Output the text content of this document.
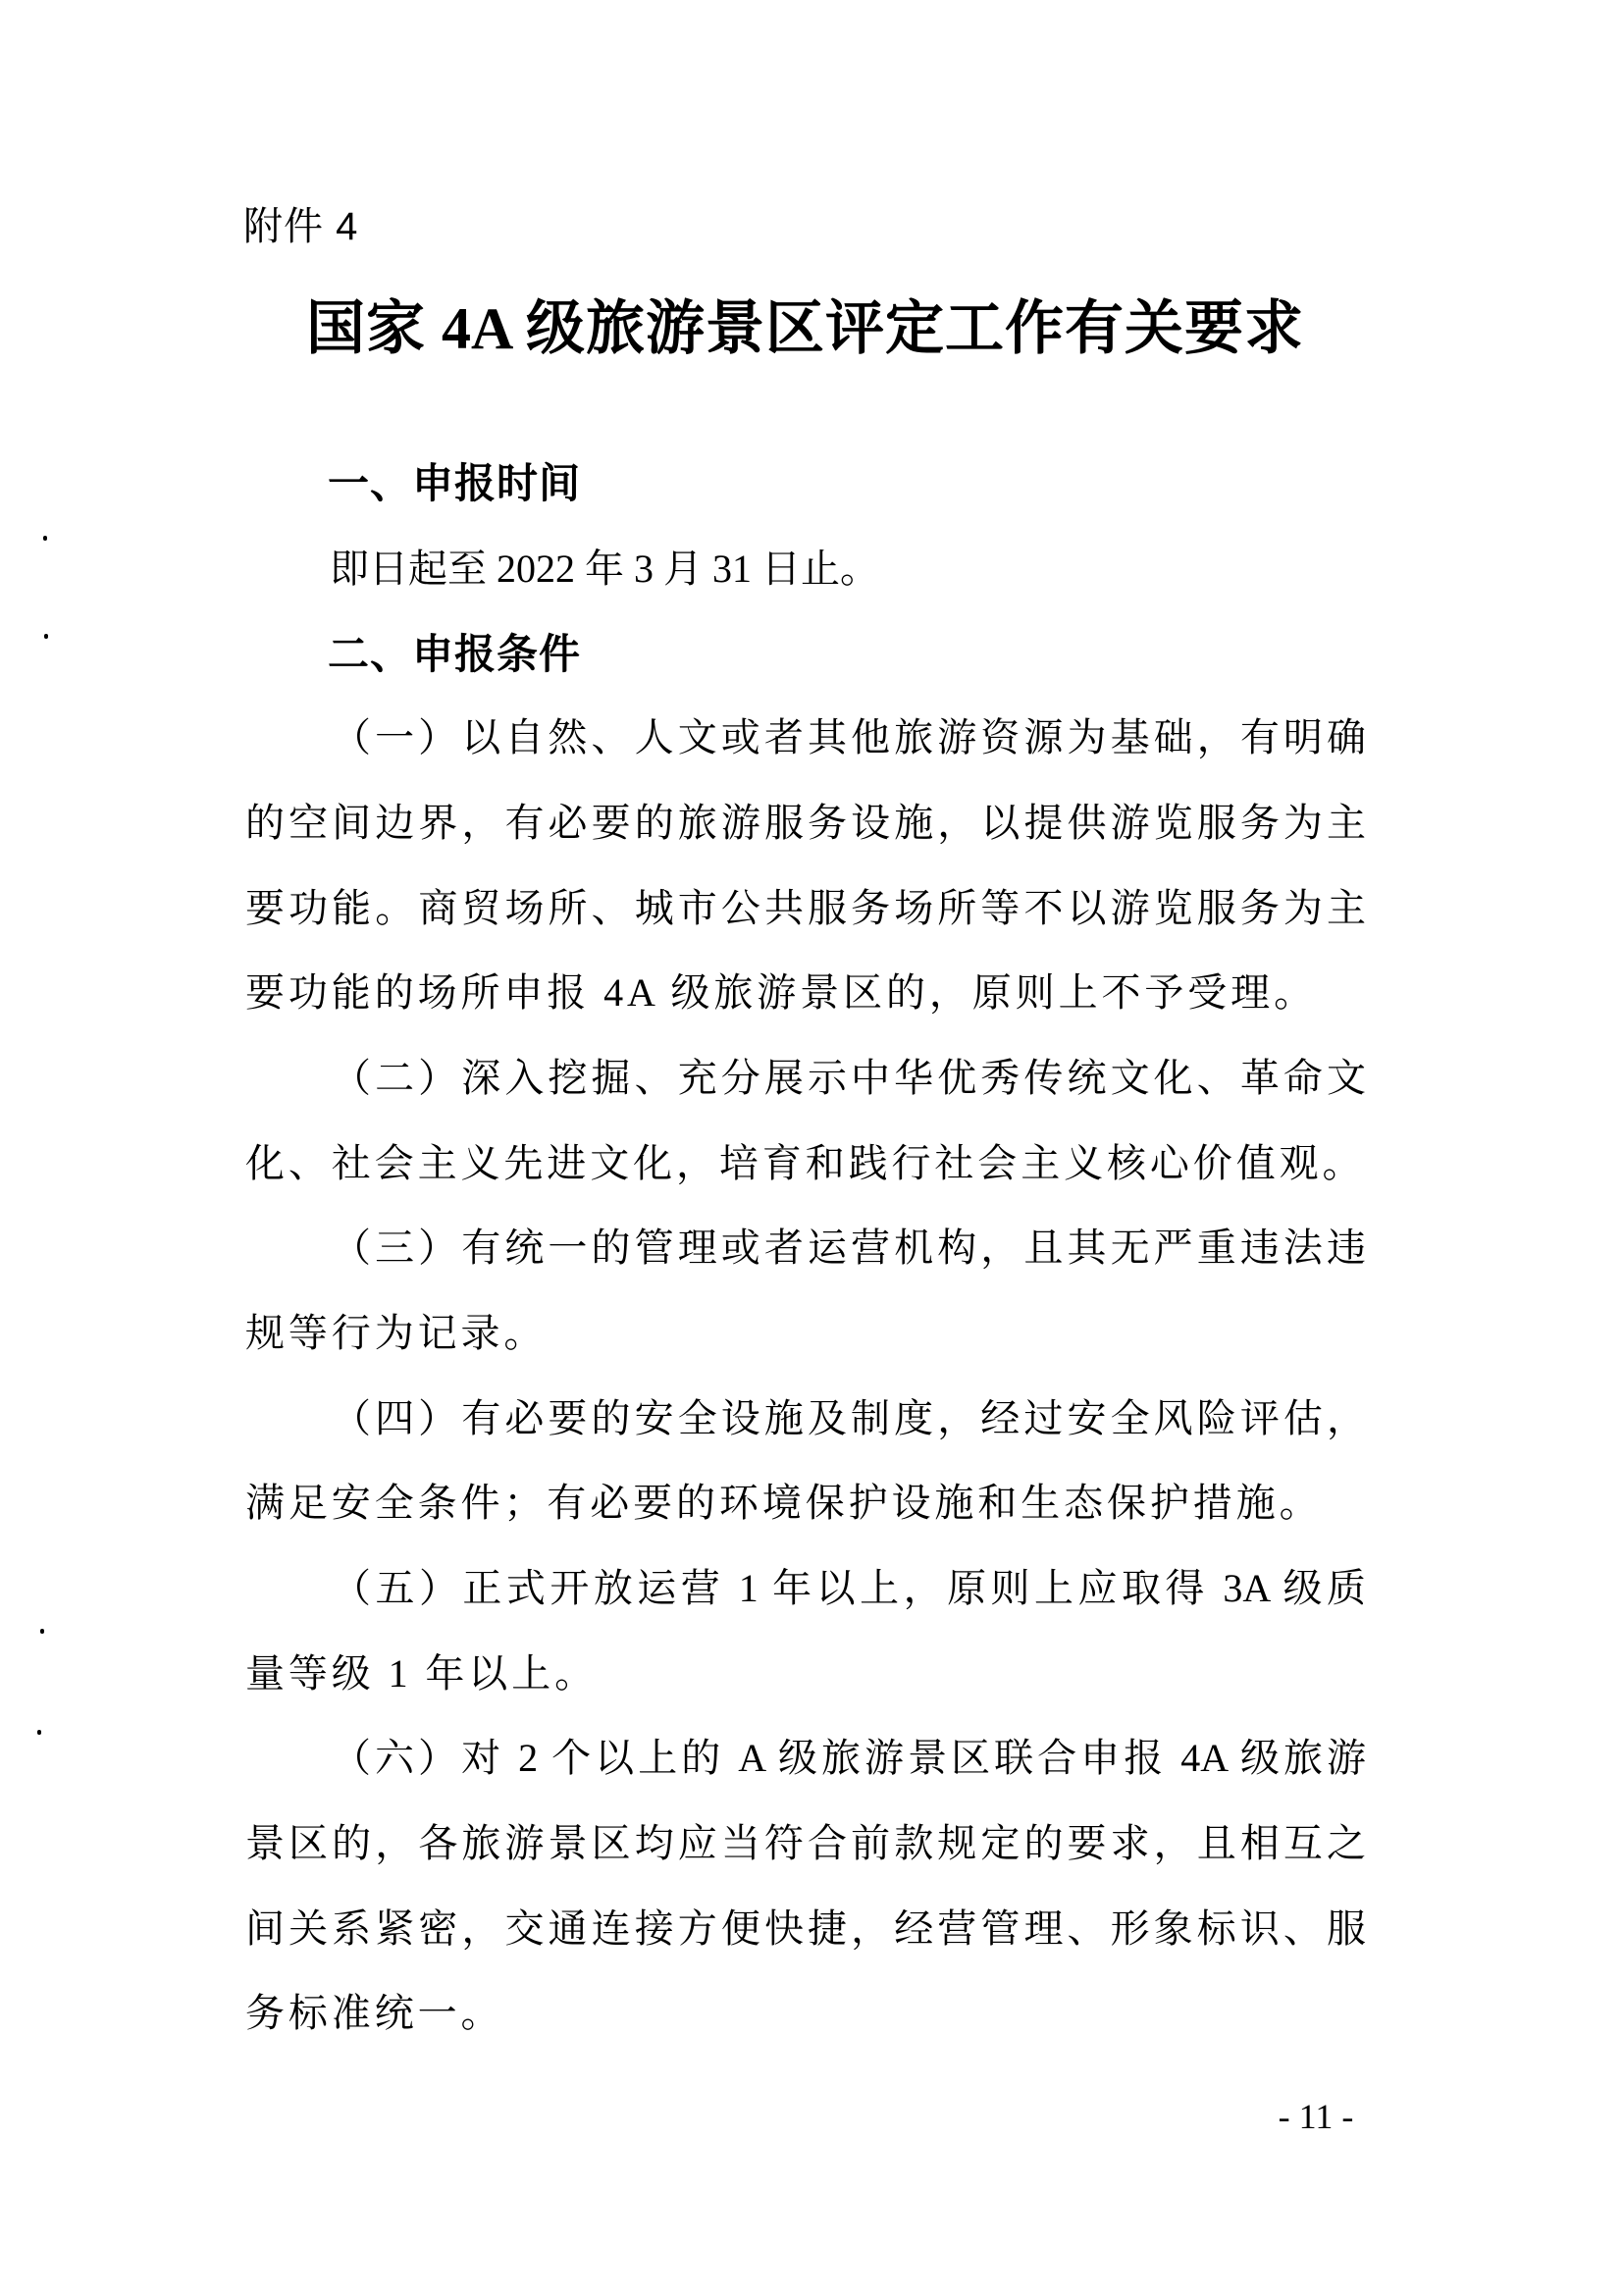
附件 4
国家 4A 级旅游景区评定工作有关要求
一、申报时间
即日起至 2022 年 3 月 31 日止。
二、申报条件
（一）以自然、人文或者其他旅游资源为基础，有明确
的空间边界，有必要的旅游服务设施，以提供游览服务为主
要功能。商贸场所、城市公共服务场所等不以游览服务为主
要功能的场所申报 4A 级旅游景区的，原则上不予受理。
（二）深入挖掘、充分展示中华优秀传统文化、革命文
化、社会主义先进文化，培育和践行社会主义核心价值观。
（三）有统一的管理或者运营机构，且其无严重违法违
规等行为记录。
（四）有必要的安全设施及制度，经过安全风险评估，
满足安全条件；有必要的环境保护设施和生态保护措施。
（五）正式开放运营 1 年以上，原则上应取得 3A 级质
量等级 1 年以上。
（六）对 2 个以上的 A 级旅游景区联合申报 4A 级旅游
景区的，各旅游景区均应当符合前款规定的要求，且相互之
间关系紧密，交通连接方便快捷，经营管理、形象标识、服
务标准统一。
- 11 -
